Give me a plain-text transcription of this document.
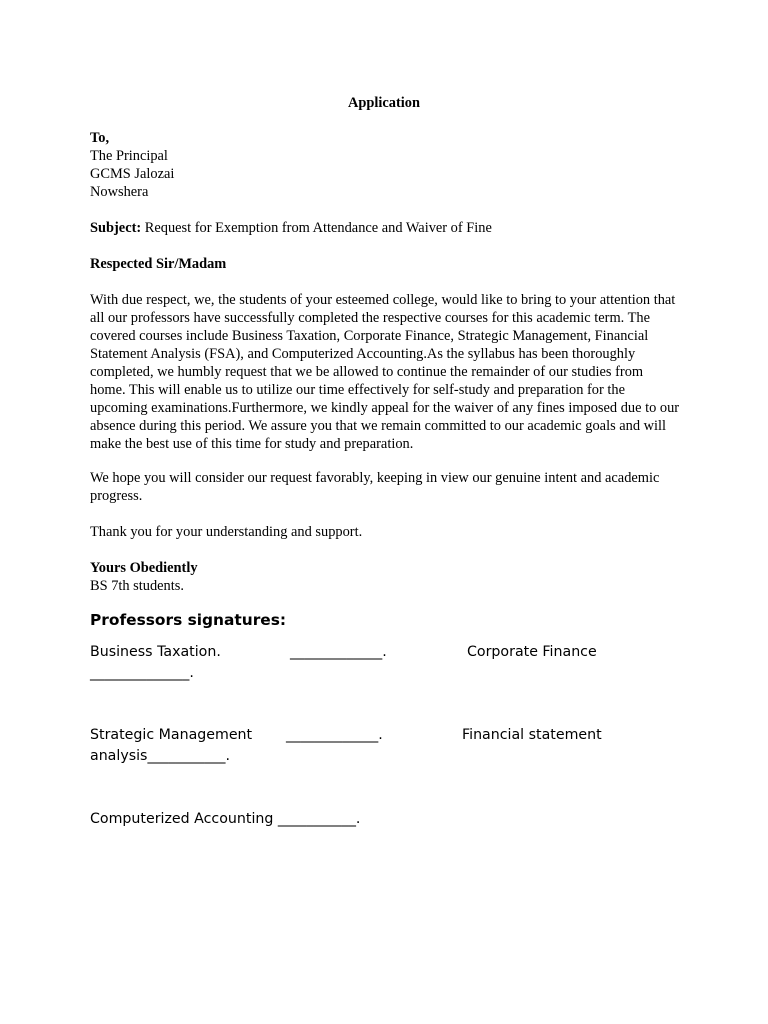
Application
To,
The Principal
GCMS Jalozai
Nowshera
Subject: Request for Exemption from Attendance and Waiver of Fine
Respected Sir/Madam
With due respect, we, the students of your esteemed college, would like to bring to your attention that all our professors have successfully completed the respective courses for this academic term. The covered courses include Business Taxation, Corporate Finance, Strategic Management, Financial Statement Analysis (FSA), and Computerized Accounting.As the syllabus has been thoroughly completed, we humbly request that we be allowed to continue the remainder of our studies from home. This will enable us to utilize our time effectively for self-study and preparation for the upcoming examinations.Furthermore, we kindly appeal for the waiver of any fines imposed due to our absence during this period. We assure you that we remain committed to our academic goals and will make the best use of this time for study and preparation.
We hope you will consider our request favorably, keeping in view our genuine intent and academic progress.
Thank you for your understanding and support.
Yours Obediently
BS 7th students.
Professors signatures:
Business Taxation.	_____________.	Corporate Finance
______________.
Strategic Management _____________.	Financial statement
analysis___________.
Computerized Accounting ___________.
